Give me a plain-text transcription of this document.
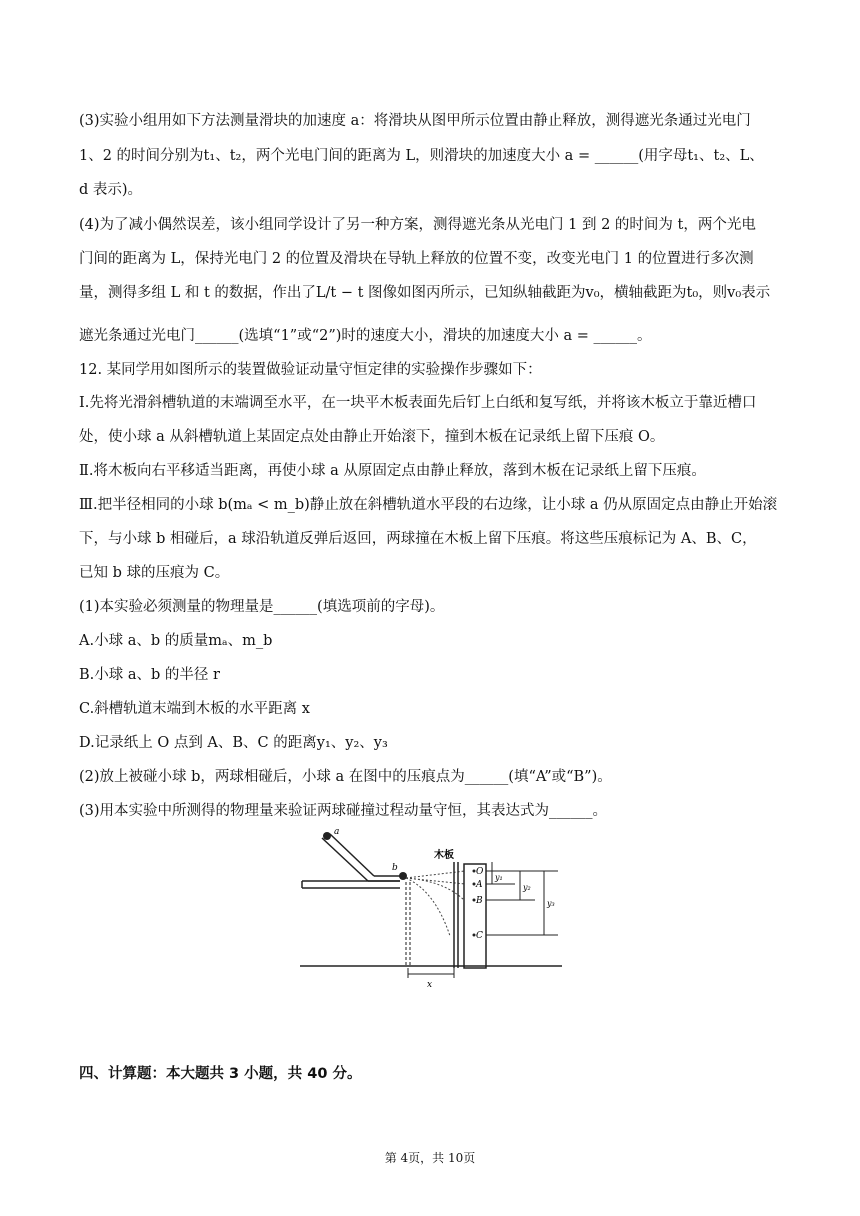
(3)实验小组用如下方法测量滑块的加速度 a：将滑块从图甲所示位置由静止释放，测得遮光条通过光电门
1、2 的时间分别为t₁、t₂，两个光电门间的距离为 L，则滑块的加速度大小 a = ______(用字母t₁、t₂、L、
d 表示)。
(4)为了减小偶然误差，该小组同学设计了另一种方案，测得遮光条从光电门 1 到 2 的时间为 t，两个光电
门间的距离为 L，保持光电门 2 的位置及滑块在导轨上释放的位置不变，改变光电门 1 的位置进行多次测
量，测得多组 L 和 t 的数据，作出了L/t − t 图像如图丙所示，已知纵轴截距为v₀，横轴截距为t₀，则v₀表示
遮光条通过光电门______(选填“1”或“2”)时的速度大小，滑块的加速度大小 a = ______。
12. 某同学用如图所示的装置做验证动量守恒定律的实验操作步骤如下：
I.先将光滑斜槽轨道的末端调至水平，在一块平木板表面先后钉上白纸和复写纸，并将该木板立于靠近槽口
处，使小球 a 从斜槽轨道上某固定点处由静止开始滚下，撞到木板在记录纸上留下压痕 O。
Ⅱ.将木板向右平移适当距离，再使小球 a 从原固定点由静止释放，落到木板在记录纸上留下压痕。
Ⅲ.把半径相同的小球 b(mₐ < m_b)静止放在斜槽轨道水平段的右边缘，让小球 a 仍从原固定点由静止开始滚
下，与小球 b 相碰后，a 球沿轨道反弹后返回，两球撞在木板上留下压痕。将这些压痕标记为 A、B、C，
已知 b 球的压痕为 C。
(1)本实验必须测量的物理量是______(填选项前的字母)。
A.小球 a、b 的质量mₐ、m_b
B.小球 a、b 的半径 r
C.斜槽轨道末端到木板的水平距离 x
D.记录纸上 O 点到 A、B、C 的距离y₁、y₂、y₃
(2)放上被碰小球 b，两球相碰后，小球 a 在图中的压痕点为______(填“A”或“B”)。
(3)用本实验中所测得的物理量来验证两球碰撞过程动量守恒，其表达式为______。
a
b
木板
O
A
B
C
y₁
y₂
y₃
x
四、计算题：本大题共 3 小题，共 40 分。
第 4页，共 10页
